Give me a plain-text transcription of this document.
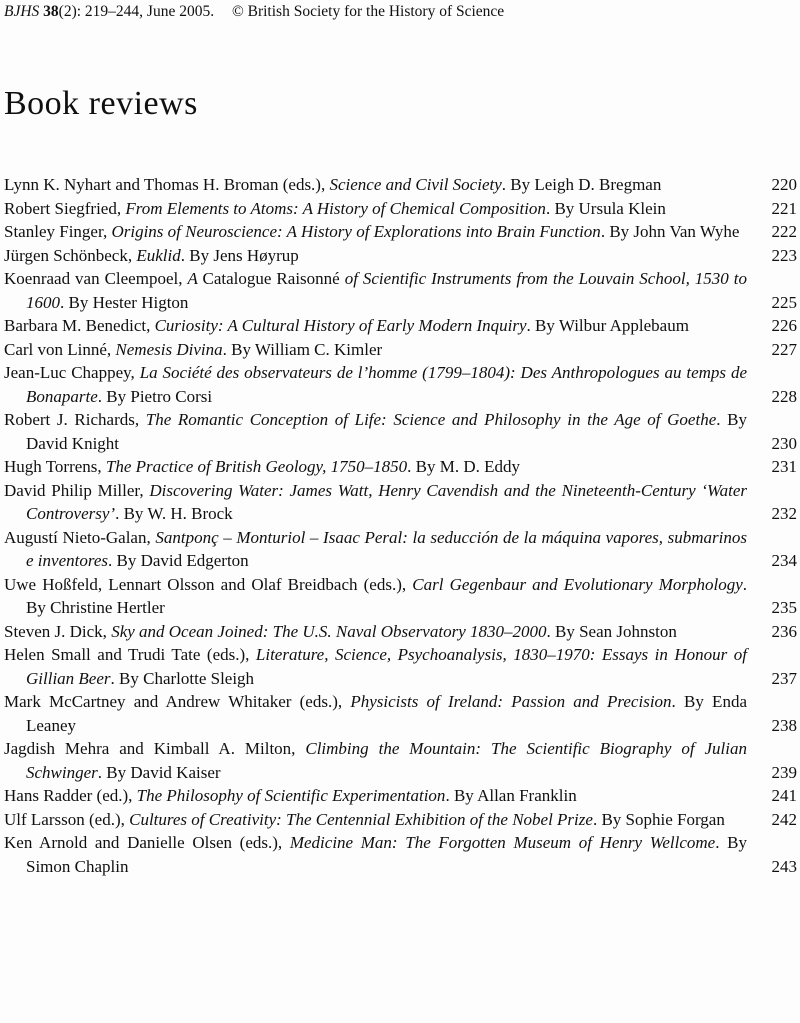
BJHS 38(2): 219–244, June 2005. © British Society for the History of Science
Book reviews

Lynn K. Nyhart and Thomas H. Broman (eds.), Science and Civil Society. By Leigh D. Bregman	220

Robert Siegfried, From Elements to Atoms: A History of Chemical Composition. By Ursula Klein	221

Stanley Finger, Origins of Neuroscience: A History of Explorations into Brain Function. By John Van Wyhe	222

Jürgen Schönbeck, Euklid. By Jens Høyrup	223

Koenraad van Cleempoel, A Catalogue Raisonné of Scientific Instruments from the Louvain School, 1530 to 1600. By Hester Higton	225

Barbara M. Benedict, Curiosity: A Cultural History of Early Modern Inquiry. By Wilbur Applebaum	226

Carl von Linné, Nemesis Divina. By William C. Kimler	227

Jean-Luc Chappey, La Société des observateurs de l’homme (1799–1804): Des Anthropologues au temps de Bonaparte. By Pietro Corsi	228

Robert J. Richards, The Romantic Conception of Life: Science and Philosophy in the Age of Goethe. By David Knight	230

Hugh Torrens, The Practice of British Geology, 1750–1850. By M. D. Eddy	231

David Philip Miller, Discovering Water: James Watt, Henry Cavendish and the Nineteenth-Century ‘Water Controversy’. By W. H. Brock	232

Augustí Nieto-Galan, Santponç – Monturiol – Isaac Peral: la seducción de la máquina vapores, submarinos e inventores. By David Edgerton	234

Uwe Hoßfeld, Lennart Olsson and Olaf Breidbach (eds.), Carl Gegenbaur and Evolutionary Morphology. By Christine Hertler	235

Steven J. Dick, Sky and Ocean Joined: The U.S. Naval Observatory 1830–2000. By Sean Johnston	236

Helen Small and Trudi Tate (eds.), Literature, Science, Psychoanalysis, 1830–1970: Essays in Honour of Gillian Beer. By Charlotte Sleigh	237

Mark McCartney and Andrew Whitaker (eds.), Physicists of Ireland: Passion and Precision. By Enda Leaney	238

Jagdish Mehra and Kimball A. Milton, Climbing the Mountain: The Scientific Biography of Julian Schwinger. By David Kaiser	239

Hans Radder (ed.), The Philosophy of Scientific Experimentation. By Allan Franklin	241

Ulf Larsson (ed.), Cultures of Creativity: The Centennial Exhibition of the Nobel Prize. By Sophie Forgan	242

Ken Arnold and Danielle Olsen (eds.), Medicine Man: The Forgotten Museum of Henry Wellcome. By Simon Chaplin	243
